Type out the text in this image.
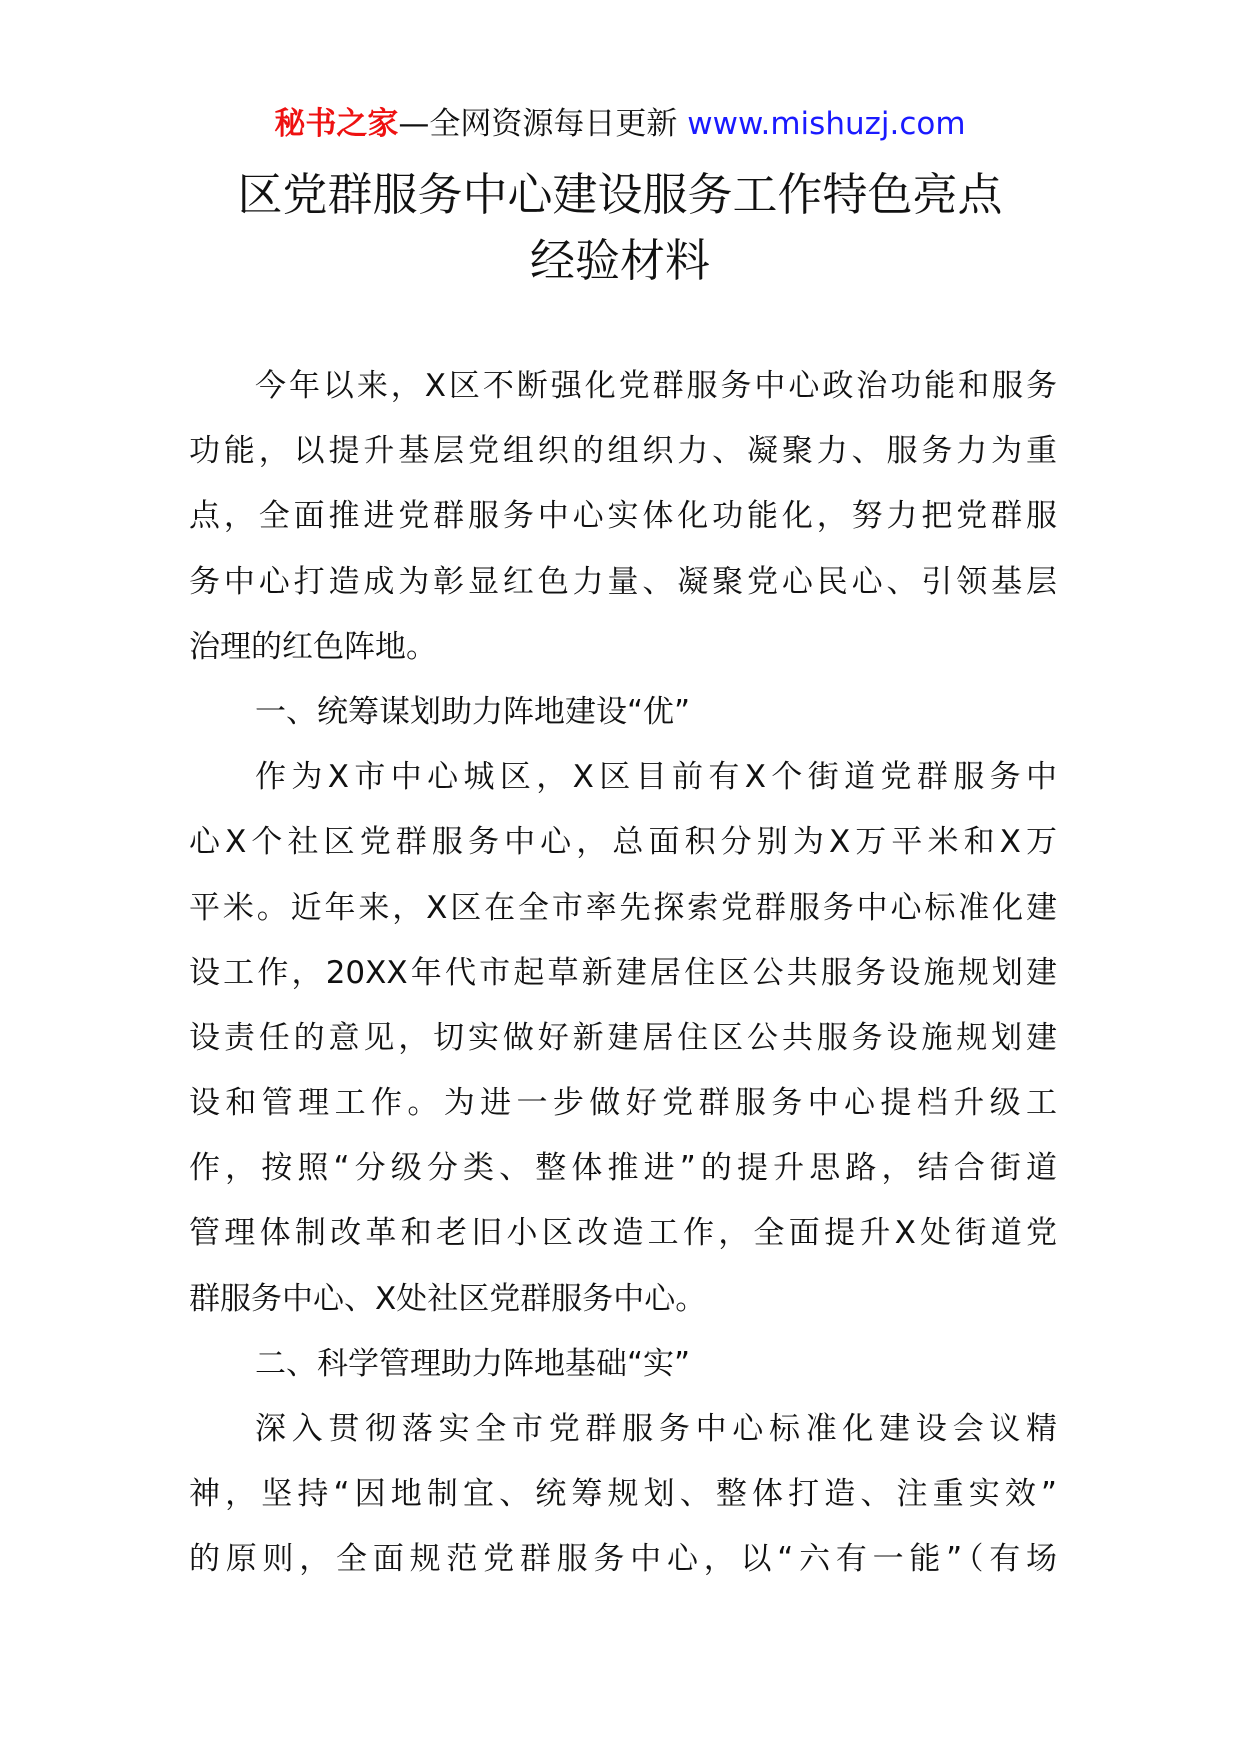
秘书之家—全网资源每日更新 www.mishuzj.com
区党群服务中心建设服务工作特色亮点
经验材料
今年以来，X区不断强化党群服务中心政治功能和服务
功能，以提升基层党组织的组织力、凝聚力、服务力为重
点，全面推进党群服务中心实体化功能化，努力把党群服
务中心打造成为彰显红色力量、凝聚党心民心、引领基层
治理的红色阵地。
一、统筹谋划助力阵地建设“优”
作为X市中心城区，X区目前有X个街道党群服务中
心X个社区党群服务中心，总面积分别为X万平米和X万
平米。近年来，X区在全市率先探索党群服务中心标准化建
设工作，20XX年代市起草新建居住区公共服务设施规划建
设责任的意见，切实做好新建居住区公共服务设施规划建
设和管理工作。为进一步做好党群服务中心提档升级工
作，按照“分级分类、整体推进”的提升思路，结合街道
管理体制改革和老旧小区改造工作，全面提升X处街道党
群服务中心、X处社区党群服务中心。
二、科学管理助力阵地基础“实”
深入贯彻落实全市党群服务中心标准化建设会议精
神，坚持“因地制宜、统筹规划、整体打造、注重实效”
的原则，全面规范党群服务中心，以“六有一能”（有场
